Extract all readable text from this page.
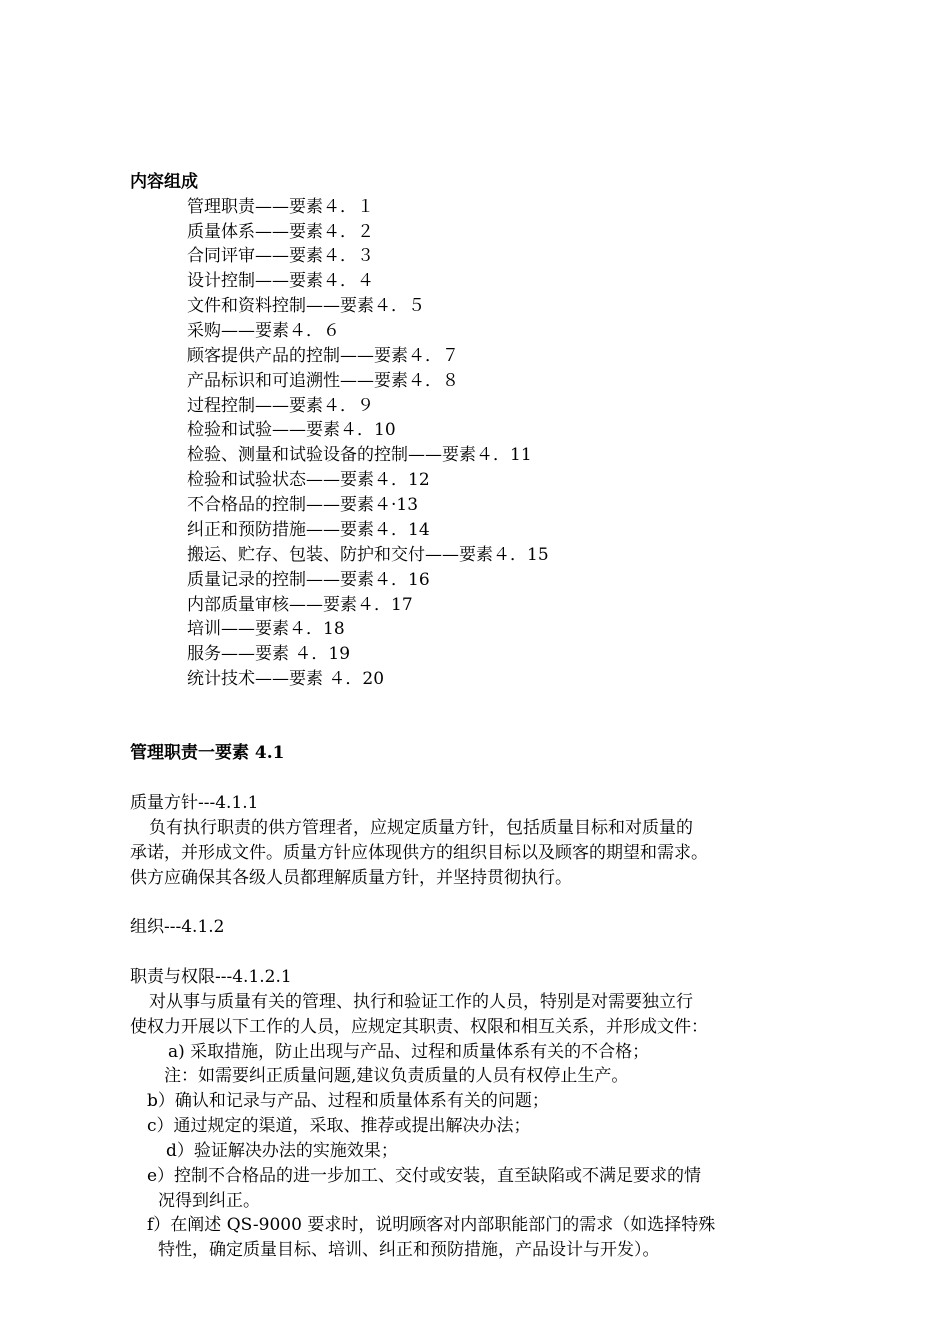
内容组成
管理职责——要素４．１
质量体系——要素４．２
合同评审——要素４．３
设计控制——要素４．４
文件和资料控制——要素４．５
采购——要素４．６
顾客提供产品的控制——要素４．７
产品标识和可追溯性——要素４．８
过程控制——要素４．９
检验和试验——要素４．10
检验、测量和试验设备的控制——要素４．11
检验和试验状态——要素４．12
不合格品的控制——要素４·13
纠正和预防措施——要素４．14
搬运、贮存、包装、防护和交付——要素４．15
质量记录的控制——要素４．16
内部质量审核——要素４．17
培训——要素４．18
服务——要素 ４．19
统计技术——要素 ４．20
管理职责一要素 4.1
质量方针---4.1.1
负有执行职责的供方管理者，应规定质量方针，包括质量目标和对质量的
承诺，并形成文件。质量方针应体现供方的组织目标以及顾客的期望和需求。
供方应确保其各级人员都理解质量方针，并坚持贯彻执行。
组织---4.1.2
职责与权限---4.1.2.1
对从事与质量有关的管理、执行和验证工作的人员，特别是对需要独立行
使权力开展以下工作的人员，应规定其职责、权限和相互关系，并形成文件：
a) 采取措施，防止出现与产品、过程和质量体系有关的不合格；
注：如需要纠正质量问题,建议负责质量的人员有权停止生产。
b）确认和记录与产品、过程和质量体系有关的问题；
c）通过规定的渠道，采取、推荐或提出解决办法；
d）验证解决办法的实施效果；
e）控制不合格品的进一步加工、交付或安装，直至缺陷或不满足要求的情
况得到纠正。
f）在阐述 QS-9000 要求时，说明顾客对内部职能部门的需求（如选择特殊
特性，确定质量目标、培训、纠正和预防措施，产品设计与开发）。
